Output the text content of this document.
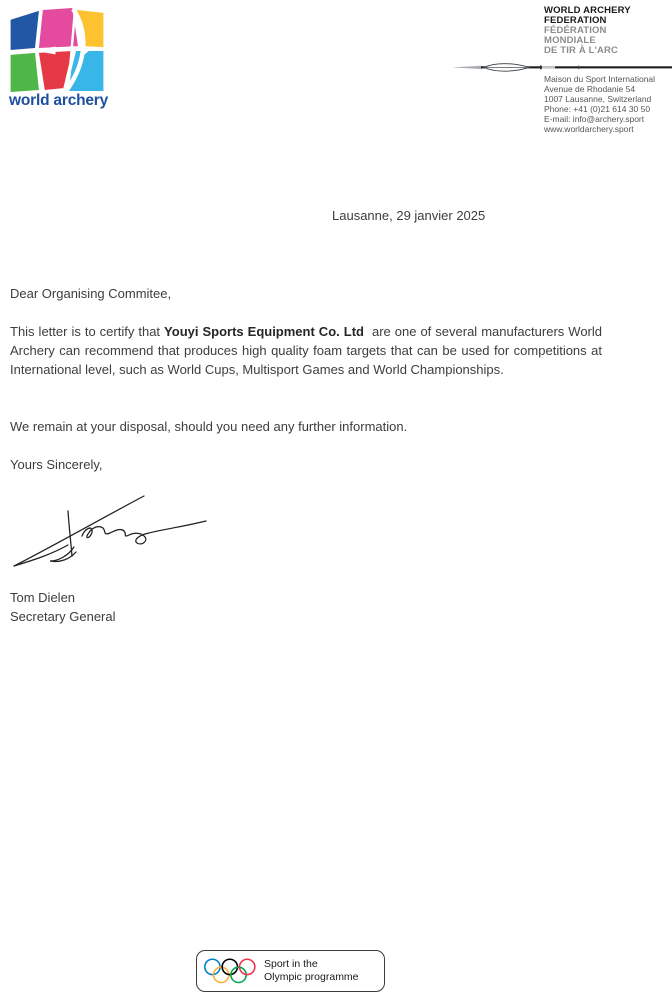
world archery
WORLD ARCHERY
FEDERATION
FÉDÉRATION
MONDIALE
DE TIR À L'ARC
Maison du Sport International
Avenue de Rhodanie 54
1007 Lausanne, Switzerland
Phone: +41 (0)21 614 30 50
E-mail: info@archery.sport
www.worldarchery.sport
Lausanne, 29 janvier 2025
Dear Organising Commitee,
This letter is to certify that Youyi Sports Equipment Co. Ltd  are one of several manufacturers World Archery can recommend that produces high quality foam targets that can be used for competitions at International level, such as World Cups, Multisport Games and World Championships.
We remain at your disposal, should you need any further information.
Yours Sincerely,
Tom Dielen
Secretary General
Sport in the
Olympic programme
